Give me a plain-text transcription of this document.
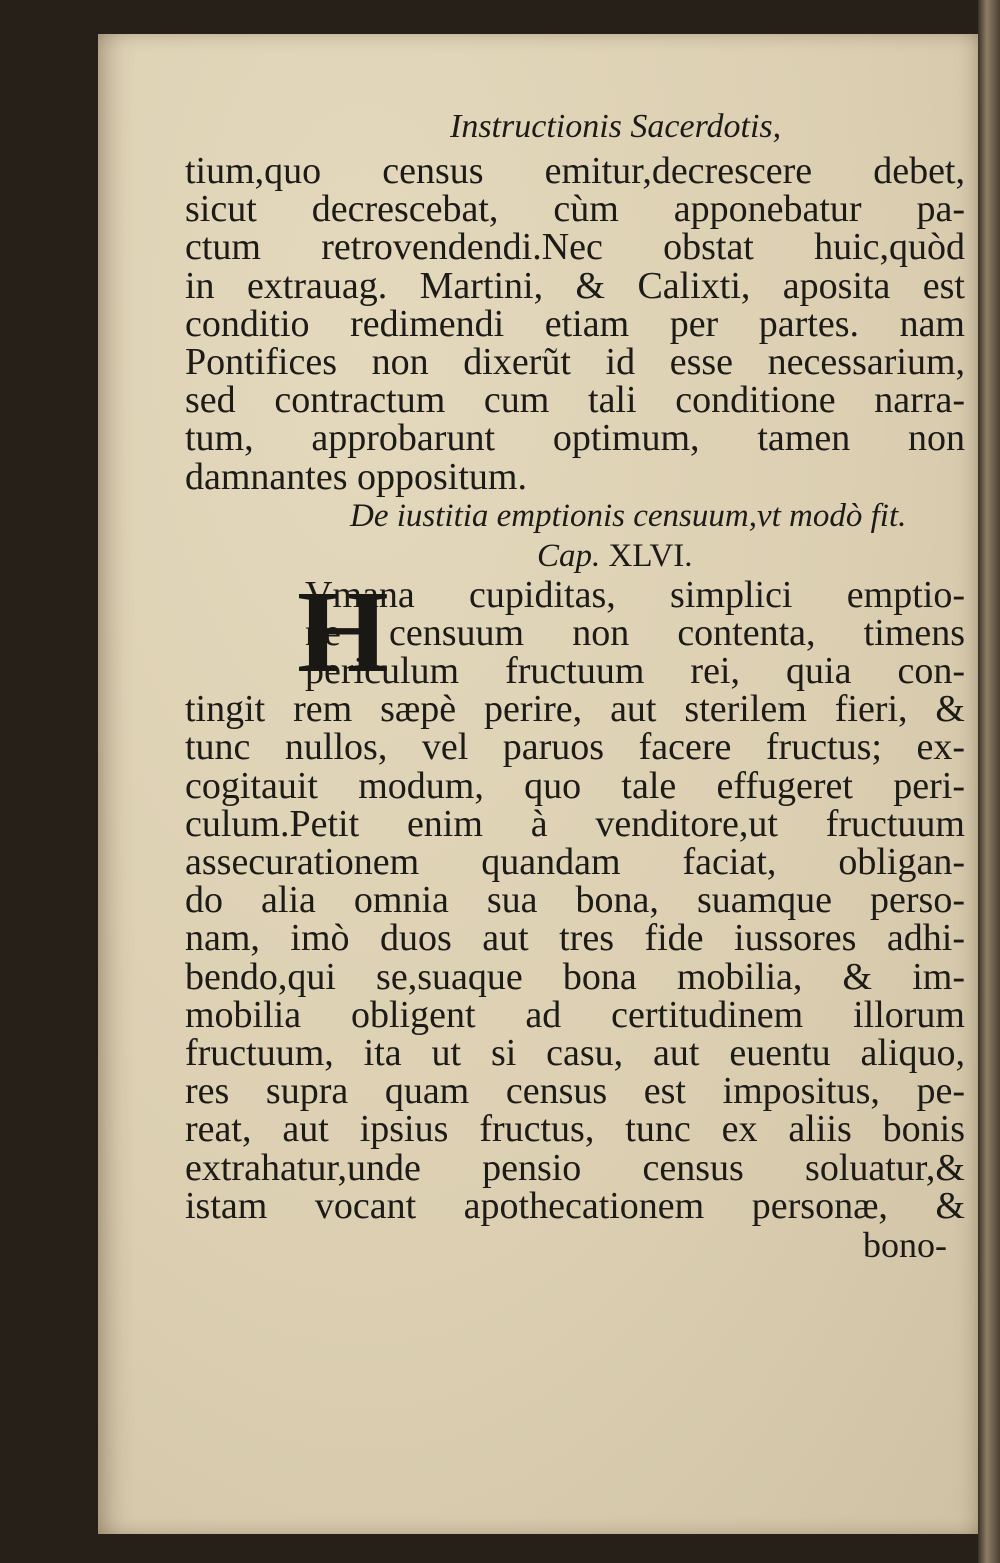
Instructionis Sacerdotis,
tium,quo census emitur,decrescere debet,
sicut decrescebat, cùm apponebatur pa-
ctum retrovendendi.Nec obstat huic,quòd
in extrauag. Martini, & Calixti, aposita est
conditio redimendi etiam per partes. nam
Pontifices non dixerũt id esse necessarium,
sed contractum cum tali conditione narra-
tum, approbarunt optimum, tamen non
damnantes oppositum.
De iustitia emptionis censuum,vt modò fit.
Cap. XLVI.
H
Vmana cupiditas, simplici emptio-
ne censuum non contenta, timens
periculum fructuum rei, quia con-
tingit rem sæpè perire, aut sterilem fieri, &
tunc nullos, vel paruos facere fructus; ex-
cogitauit modum, quo tale effugeret peri-
culum.Petit enim à venditore,ut fructuum
assecurationem quandam faciat, obligan-
do alia omnia sua bona, suamque perso-
nam, imò duos aut tres fide iussores adhi-
bendo,qui se,suaque bona mobilia, & im-
mobilia obligent ad certitudinem illorum
fructuum, ita ut si casu, aut euentu aliquo,
res supra quam census est impositus, pe-
reat, aut ipsius fructus, tunc ex aliis bonis
extrahatur,unde pensio census soluatur,&
istam vocant apothecationem personæ, &
bono-
